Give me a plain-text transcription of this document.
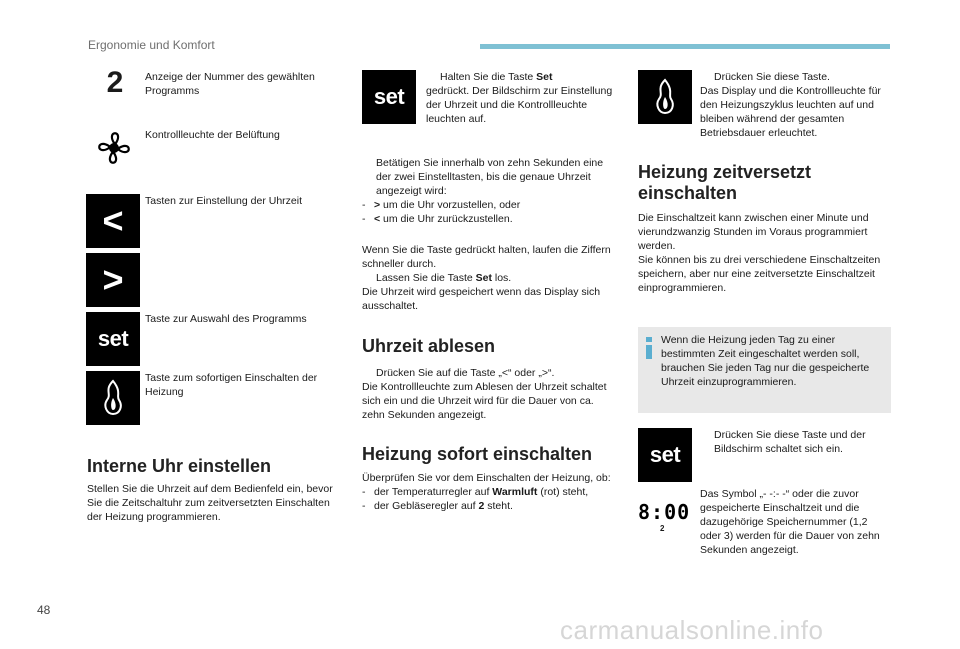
Ergonomie und Komfort
2	Anzeige der Nummer des gewählten Programms
Kontrollleuchte der Belüftung
<
>
Tasten zur Einstellung der Uhrzeit
set
Taste zur Auswahl des Programms
Taste zum sofortigen Einschalten der Heizung
Interne Uhr einstellen
Stellen Sie die Uhrzeit auf dem Bedienfeld ein, bevor Sie die Zeitschaltuhr zum zeitversetzten Einschalten der Heizung programmieren.
set
Halten Sie die Taste Set
gedrückt. Der Bildschirm zur Einstellung der Uhrzeit und die Kontrollleuchte leuchten auf.
Betätigen Sie innerhalb von zehn Sekunden eine der zwei Einstelltasten, bis die genaue Uhrzeit angezeigt wird:
- > um die Uhr vorzustellen, oder
- < um die Uhr zurückzustellen.
Wenn Sie die Taste gedrückt halten, laufen die Ziffern schneller durch.
Lassen Sie die Taste Set los.
Die Uhrzeit wird gespeichert wenn das Display sich ausschaltet.
Uhrzeit ablesen
Drücken Sie auf die Taste „<“ oder „>“.
Die Kontrollleuchte zum Ablesen der Uhrzeit schaltet sich ein und die Uhrzeit wird für die Dauer von ca. zehn Sekunden angezeigt.
Heizung sofort einschalten
Überprüfen Sie vor dem Einschalten der Heizung, ob:
- der Temperaturregler auf Warmluft (rot) steht,
- der Gebläseregler auf 2 steht.
Drücken Sie diese Taste.
Das Display und die Kontrollleuchte für den Heizungszyklus leuchten auf und bleiben während der gesamten Betriebsdauer erleuchtet.
Heizung zeitversetzt
einschalten
Die Einschaltzeit kann zwischen einer Minute und vierundzwanzig Stunden im Voraus programmiert werden.
Sie können bis zu drei verschiedene Einschaltzeiten speichern, aber nur eine zeitversetzte Einschaltzeit einprogrammieren.
Wenn die Heizung jeden Tag zu einer bestimmten Zeit eingeschaltet werden soll, brauchen Sie jeden Tag nur die gespeicherte Uhrzeit einzuprogrammieren.
set
Drücken Sie diese Taste und der Bildschirm schaltet sich ein.
8:00
2
Das Symbol „- -:- -“ oder die zuvor gespeicherte Einschaltzeit und die dazugehörige Speichernummer (1,2 oder 3) werden für die Dauer von zehn Sekunden angezeigt.
48
carmanualsonline.info
